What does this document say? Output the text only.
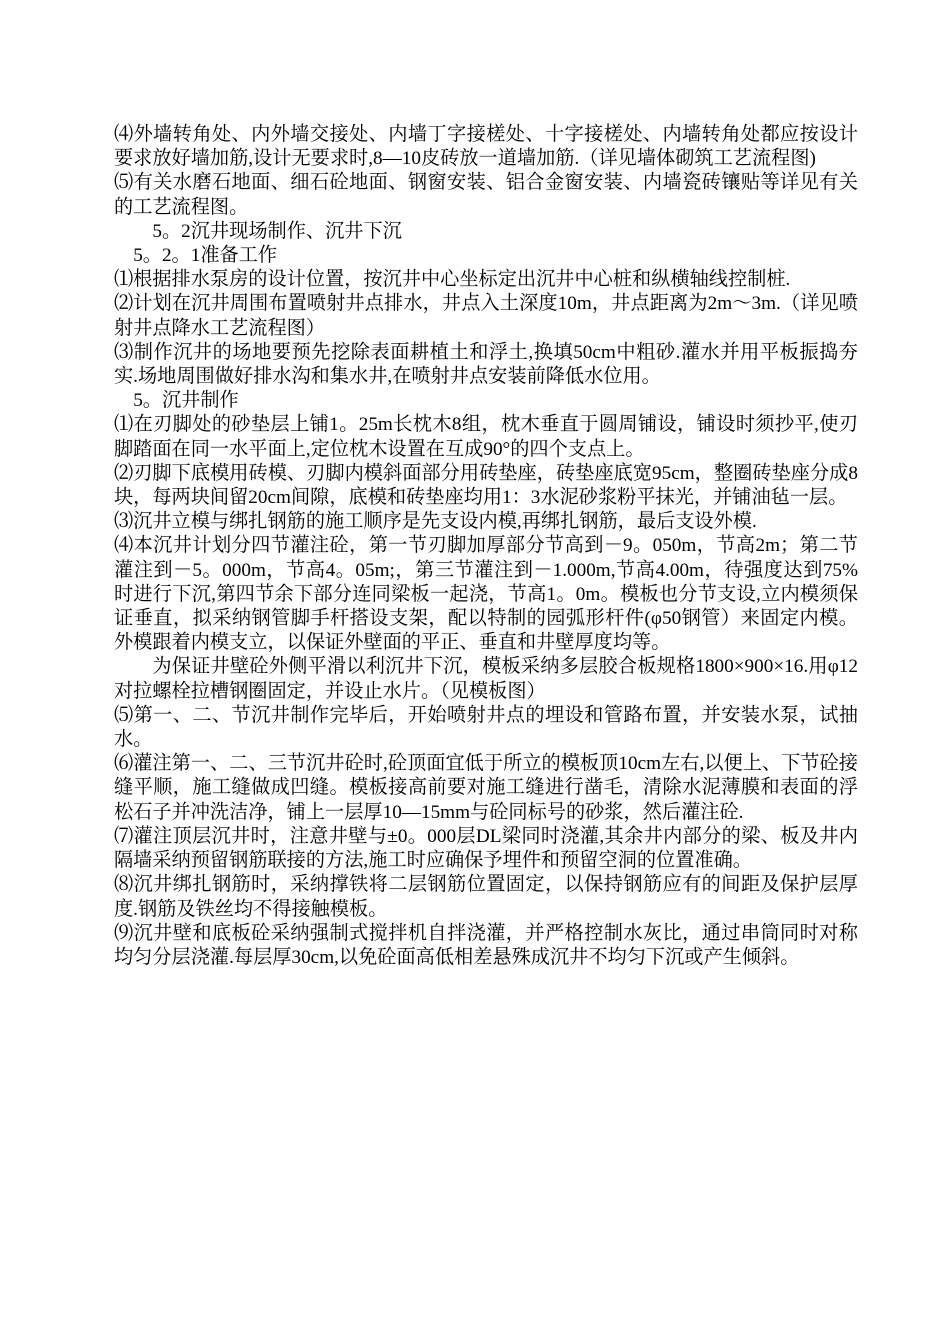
⑷外墙转角处、内外墙交接处、内墙丁字接槎处、十字接槎处、内墙转角处都应按设计要求放好墙加筋,设计无要求时,8—10皮砖放一道墙加筋.（详见墙体砌筑工艺流程图)

⑸有关水磨石地面、细石砼地面、钢窗安装、铝合金窗安装、内墙瓷砖镶贴等详见有关的工艺流程图。

5。2沉井现场制作、沉井下沉

5。2。1准备工作

⑴根据排水泵房的设计位置，按沉井中心坐标定出沉井中心桩和纵横轴线控制桩.

⑵计划在沉井周围布置喷射井点排水，井点入土深度10m，井点距离为2m～3m.（详见喷射井点降水工艺流程图）

⑶制作沉井的场地要预先挖除表面耕植土和浮土,换填50cm中粗砂.灌水并用平板振捣夯实.场地周围做好排水沟和集水井,在喷射井点安装前降低水位用。

5。沉井制作

⑴在刃脚处的砂垫层上铺1。25m长枕木8组，枕木垂直于圆周铺设，铺设时须抄平,使刃脚踏面在同一水平面上,定位枕木设置在互成90°的四个支点上。

⑵刃脚下底模用砖模、刃脚内模斜面部分用砖垫座，砖垫座底宽95cm，整圈砖垫座分成8块，每两块间留20cm间隙，底模和砖垫座均用1：3水泥砂浆粉平抹光，并铺油毡一层。

⑶沉井立模与绑扎钢筋的施工顺序是先支设内模,再绑扎钢筋，最后支设外模.

⑷本沉井计划分四节灌注砼，第一节刃脚加厚部分节高到－9。050m，节高2m；第二节灌注到－5。000m，节高4。05m;，第三节灌注到－1.000m,节高4.00m，待强度达到75%时进行下沉,第四节余下部分连同梁板一起浇，节高1。0m。模板也分节支设,立内模须保证垂直，拟采纳钢管脚手杆搭设支架，配以特制的园弧形杆件(φ50钢管）来固定内模。外模跟着内模支立，以保证外壁面的平正、垂直和井壁厚度均等。

为保证井壁砼外侧平滑以利沉井下沉，模板采纳多层胶合板规格1800×900×16.用φ12对拉螺栓拉槽钢圈固定，并设止水片。（见模板图）

⑸第一、二、节沉井制作完毕后，开始喷射井点的埋设和管路布置，并安装水泵，试抽水。

⑹灌注第一、二、三节沉井砼时,砼顶面宜低于所立的模板顶10cm左右,以便上、下节砼接缝平顺，施工缝做成凹缝。模板接高前要对施工缝进行凿毛，清除水泥薄膜和表面的浮松石子并冲洗洁净，铺上一层厚10—15mm与砼同标号的砂浆，然后灌注砼.

⑺灌注顶层沉井时，注意井壁与±0。000层DL梁同时浇灌,其余井内部分的梁、板及井内隔墙采纳预留钢筋联接的方法,施工时应确保予埋件和预留空洞的位置准确。

⑻沉井绑扎钢筋时，采纳撑铁将二层钢筋位置固定，以保持钢筋应有的间距及保护层厚度.钢筋及铁丝均不得接触模板。

⑼沉井壁和底板砼采纳强制式搅拌机自拌浇灌，并严格控制水灰比，通过串筒同时对称均匀分层浇灌.每层厚30cm,以免砼面高低相差悬殊成沉井不均匀下沉或产生倾斜。
